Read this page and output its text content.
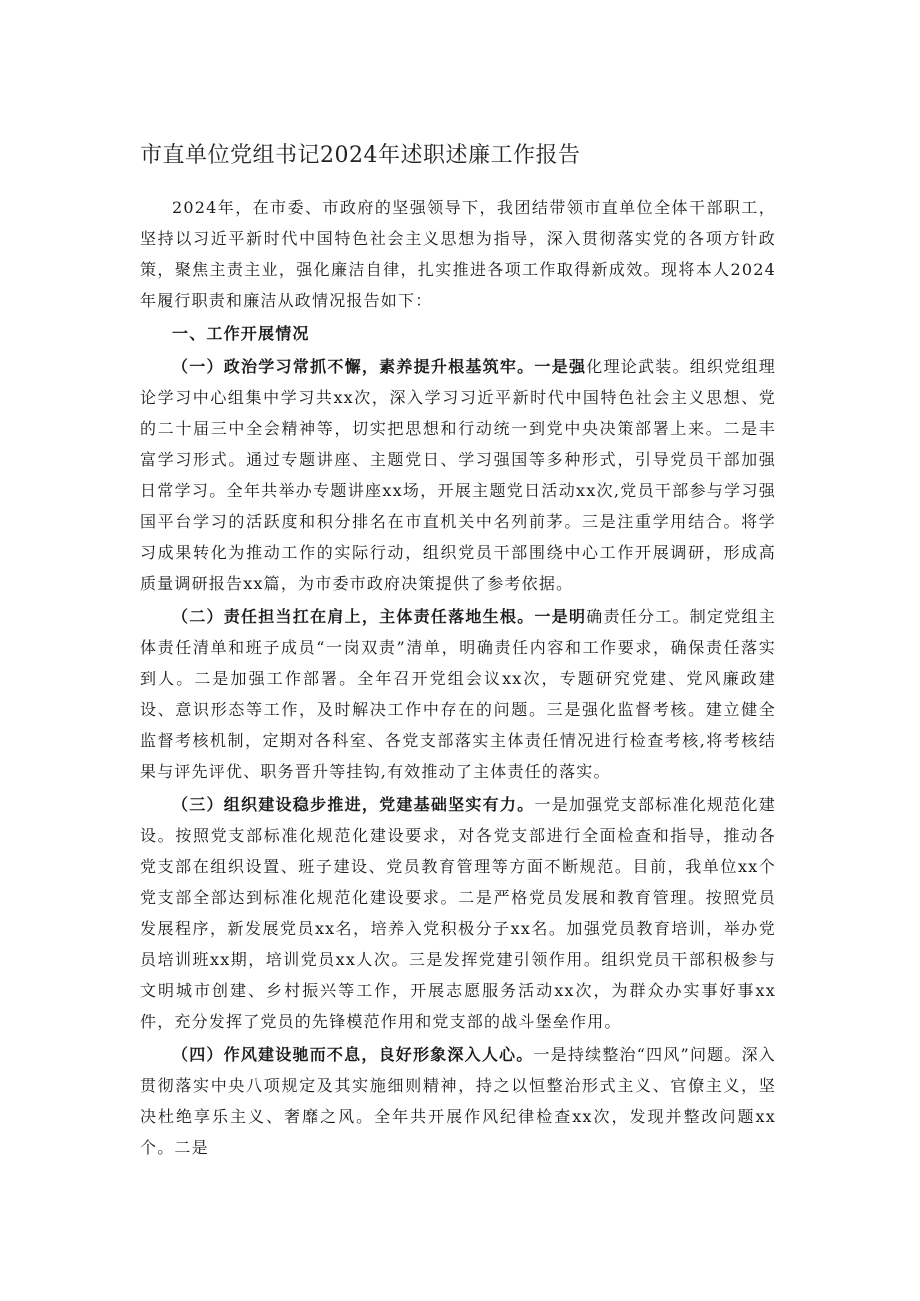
市直单位党组书记2024年述职述廉工作报告

2024年，在市委、市政府的坚强领导下，我团结带领市直单位全体干部职工，坚持以习近平新时代中国特色社会主义思想为指导，深入贯彻落实党的各项方针政策，聚焦主责主业，强化廉洁自律，扎实推进各项工作取得新成效。现将本人2024年履行职责和廉洁从政情况报告如下：

一、工作开展情况

（一）政治学习常抓不懈，素养提升根基筑牢。一是强化理论武装。组织党组理论学习中心组集中学习共xx次，深入学习习近平新时代中国特色社会主义思想、党的二十届三中全会精神等，切实把思想和行动统一到党中央决策部署上来。二是丰富学习形式。通过专题讲座、主题党日、学习强国等多种形式，引导党员干部加强日常学习。全年共举办专题讲座xx场，开展主题党日活动xx次,党员干部参与学习强国平台学习的活跃度和积分排名在市直机关中名列前茅。三是注重学用结合。将学习成果转化为推动工作的实际行动，组织党员干部围绕中心工作开展调研，形成高质量调研报告xx篇，为市委市政府决策提供了参考依据。

（二）责任担当扛在肩上，主体责任落地生根。一是明确责任分工。制定党组主体责任清单和班子成员“一岗双责”清单，明确责任内容和工作要求，确保责任落实到人。二是加强工作部署。全年召开党组会议xx次，专题研究党建、党风廉政建设、意识形态等工作，及时解决工作中存在的问题。三是强化监督考核。建立健全监督考核机制，定期对各科室、各党支部落实主体责任情况进行检查考核,将考核结果与评先评优、职务晋升等挂钩,有效推动了主体责任的落实。

（三）组织建设稳步推进，党建基础坚实有力。一是加强党支部标准化规范化建设。按照党支部标准化规范化建设要求，对各党支部进行全面检查和指导，推动各党支部在组织设置、班子建设、党员教育管理等方面不断规范。目前，我单位xx个党支部全部达到标准化规范化建设要求。二是严格党员发展和教育管理。按照党员发展程序，新发展党员xx名，培养入党积极分子xx名。加强党员教育培训，举办党员培训班xx期，培训党员xx人次。三是发挥党建引领作用。组织党员干部积极参与文明城市创建、乡村振兴等工作，开展志愿服务活动xx次，为群众办实事好事xx件，充分发挥了党员的先锋模范作用和党支部的战斗堡垒作用。

（四）作风建设驰而不息，良好形象深入人心。一是持续整治“四风”问题。深入贯彻落实中央八项规定及其实施细则精神，持之以恒整治形式主义、官僚主义，坚决杜绝享乐主义、奢靡之风。全年共开展作风纪律检查xx次，发现并整改问题xx个。二是
